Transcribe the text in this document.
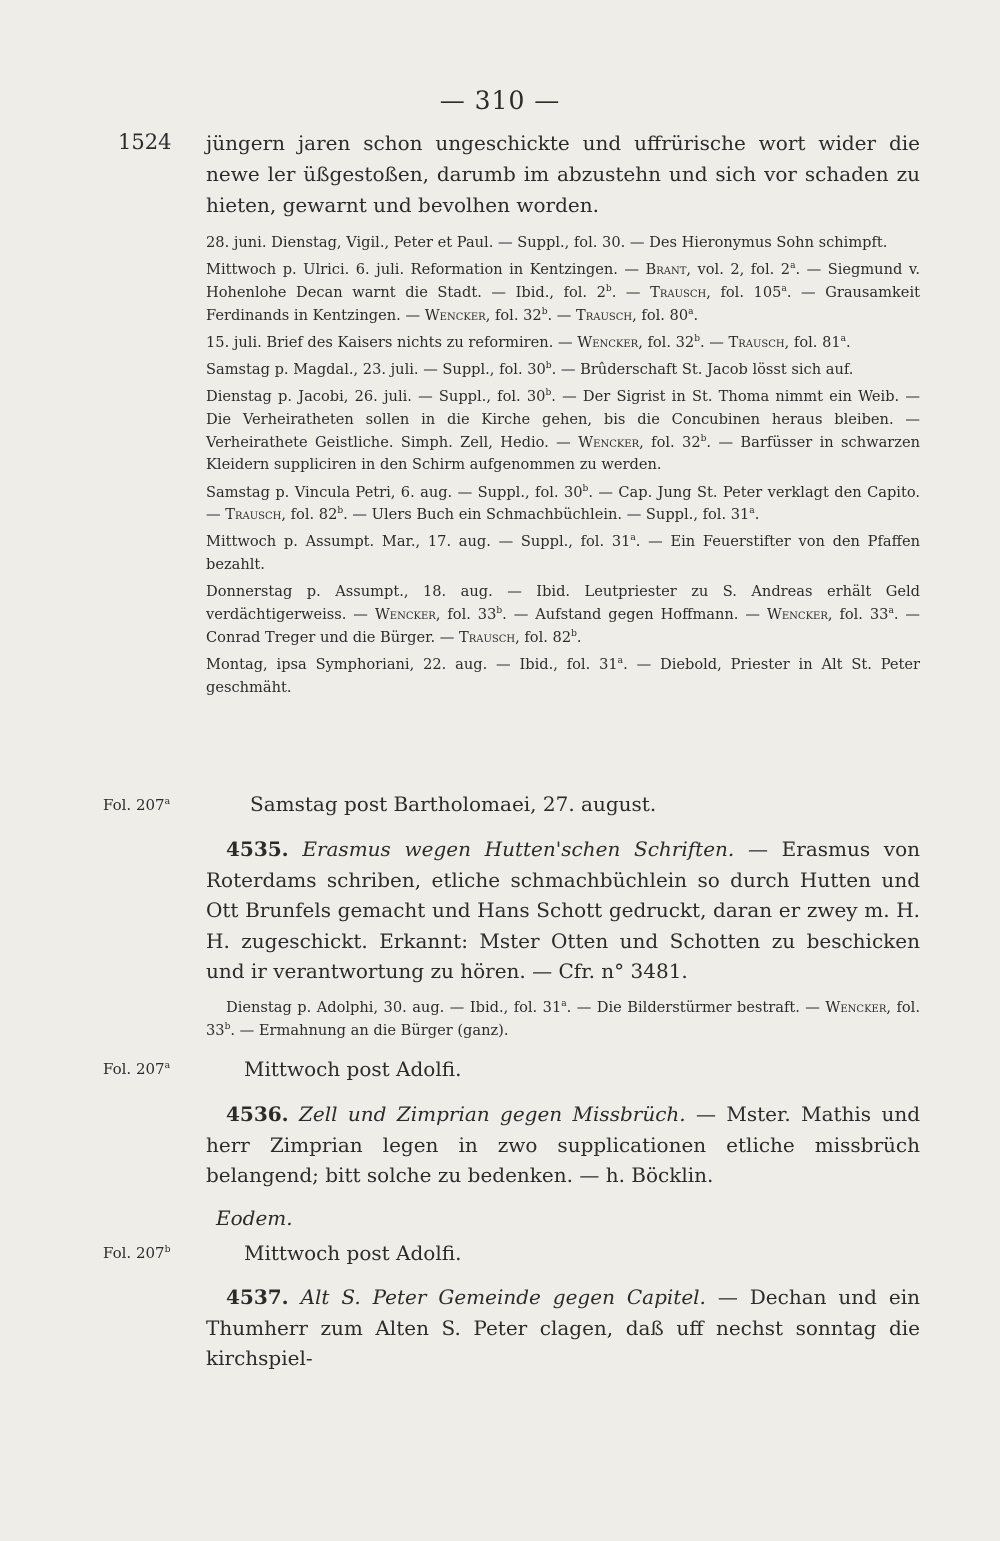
— 310 —
1524 jüngern jaren schon ungeschickte und uffrürische wort wider die newe ler üßgestoßen, darumb im abzustehn und sich vor schaden zu hieten, gewarnt und bevolhen worden.

28. juni. Dienstag, Vigil., Peter et Paul. — Suppl., fol. 30. — Des Hieronymus Sohn schimpft.

Mittwoch p. Ulrici. 6. juli. Reformation in Kentzingen. — Brant, vol. 2, fol. 2$^a$. — Siegmund v. Hohenlohe Decan warnt die Stadt. — Ibid., fol. 2$^b$. — Trausch, fol. 105$^a$. — Grausamkeit Ferdinands in Kentzingen. — Wencker, fol. 32$^b$. — Trausch, fol. 80$^a$.

15. juli. Brief des Kaisers nichts zu reformiren. — Wencker, fol. 32$^b$. — Trausch, fol. 81$^a$.

Samstag p. Magdal., 23. juli. — Suppl., fol. 30$^b$. — Brûderschaft St. Jacob lösst sich auf.

Dienstag p. Jacobi, 26. juli. — Suppl., fol. 30$^b$. — Der Sigrist in St. Thoma nimmt ein Weib. — Die Verheiratheten sollen in die Kirche gehen, bis die Concubinen heraus bleiben. — Verheirathete Geistliche. Simph. Zell, Hedio. — Wencker, fol. 32$^b$. — Barfüsser in schwarzen Kleidern suppliciren in den Schirm aufgenommen zu werden.

Samstag p. Vincula Petri, 6. aug. — Suppl., fol. 30$^b$. — Cap. Jung St. Peter verklagt den Capito. — Trausch, fol. 82$^b$. — Ulers Buch ein Schmachbüchlein. — Suppl., fol. 31$^a$.

Mittwoch p. Assumpt. Mar., 17. aug. — Suppl., fol. 31$^a$. — Ein Feuerstifter von den Pfaffen bezahlt.

Donnerstag p. Assumpt., 18. aug. — Ibid. Leutpriester zu S. Andreas erhält Geld verdächtigerweiss. — Wencker, fol. 33$^b$. — Aufstand gegen Hoffmann. — Wencker, fol. 33$^a$. — Conrad Treger und die Bürger. — Trausch, fol. 82$^b$.

Montag, ipsa Symphoriani, 22. aug. — Ibid., fol. 31$^a$. — Diebold, Priester in Alt St. Peter geschmäht.

Fol. 207$^a$	Samstag post Bartholomaei, 27. august.

4535. Erasmus wegen Hutten'schen Schriften. — Erasmus von Roterdams schriben, etliche schmachbüchlein so durch Hutten und Ott Brunfels gemacht und Hans Schott gedruckt, daran er zwey m. H. H. zugeschickt. Erkannt: Mster Otten und Schotten zu beschicken und ir verantwortung zu hören. — Cfr. n° 3481.

Dienstag p. Adolphi, 30. aug. — Ibid., fol. 31$^a$. — Die Bilderstürmer bestraft. — Wencker, fol. 33$^b$. — Ermahnung an die Bürger (ganz).

Fol. 207$^a$	Mittwoch post Adolfi.

4536. Zell und Zimprian gegen Missbrüch. — Mster. Mathis und herr Zimprian legen in zwo supplicationen etliche missbrüch belangend; bitt solche zu bedenken. — h. Böcklin.

Eodem.

Fol. 207$^b$	Mittwoch post Adolfi.

4537. Alt S. Peter Gemeinde gegen Capitel. — Dechan und ein Thumherr zum Alten S. Peter clagen, daß uff nechst sonntag die kirchspiel-
